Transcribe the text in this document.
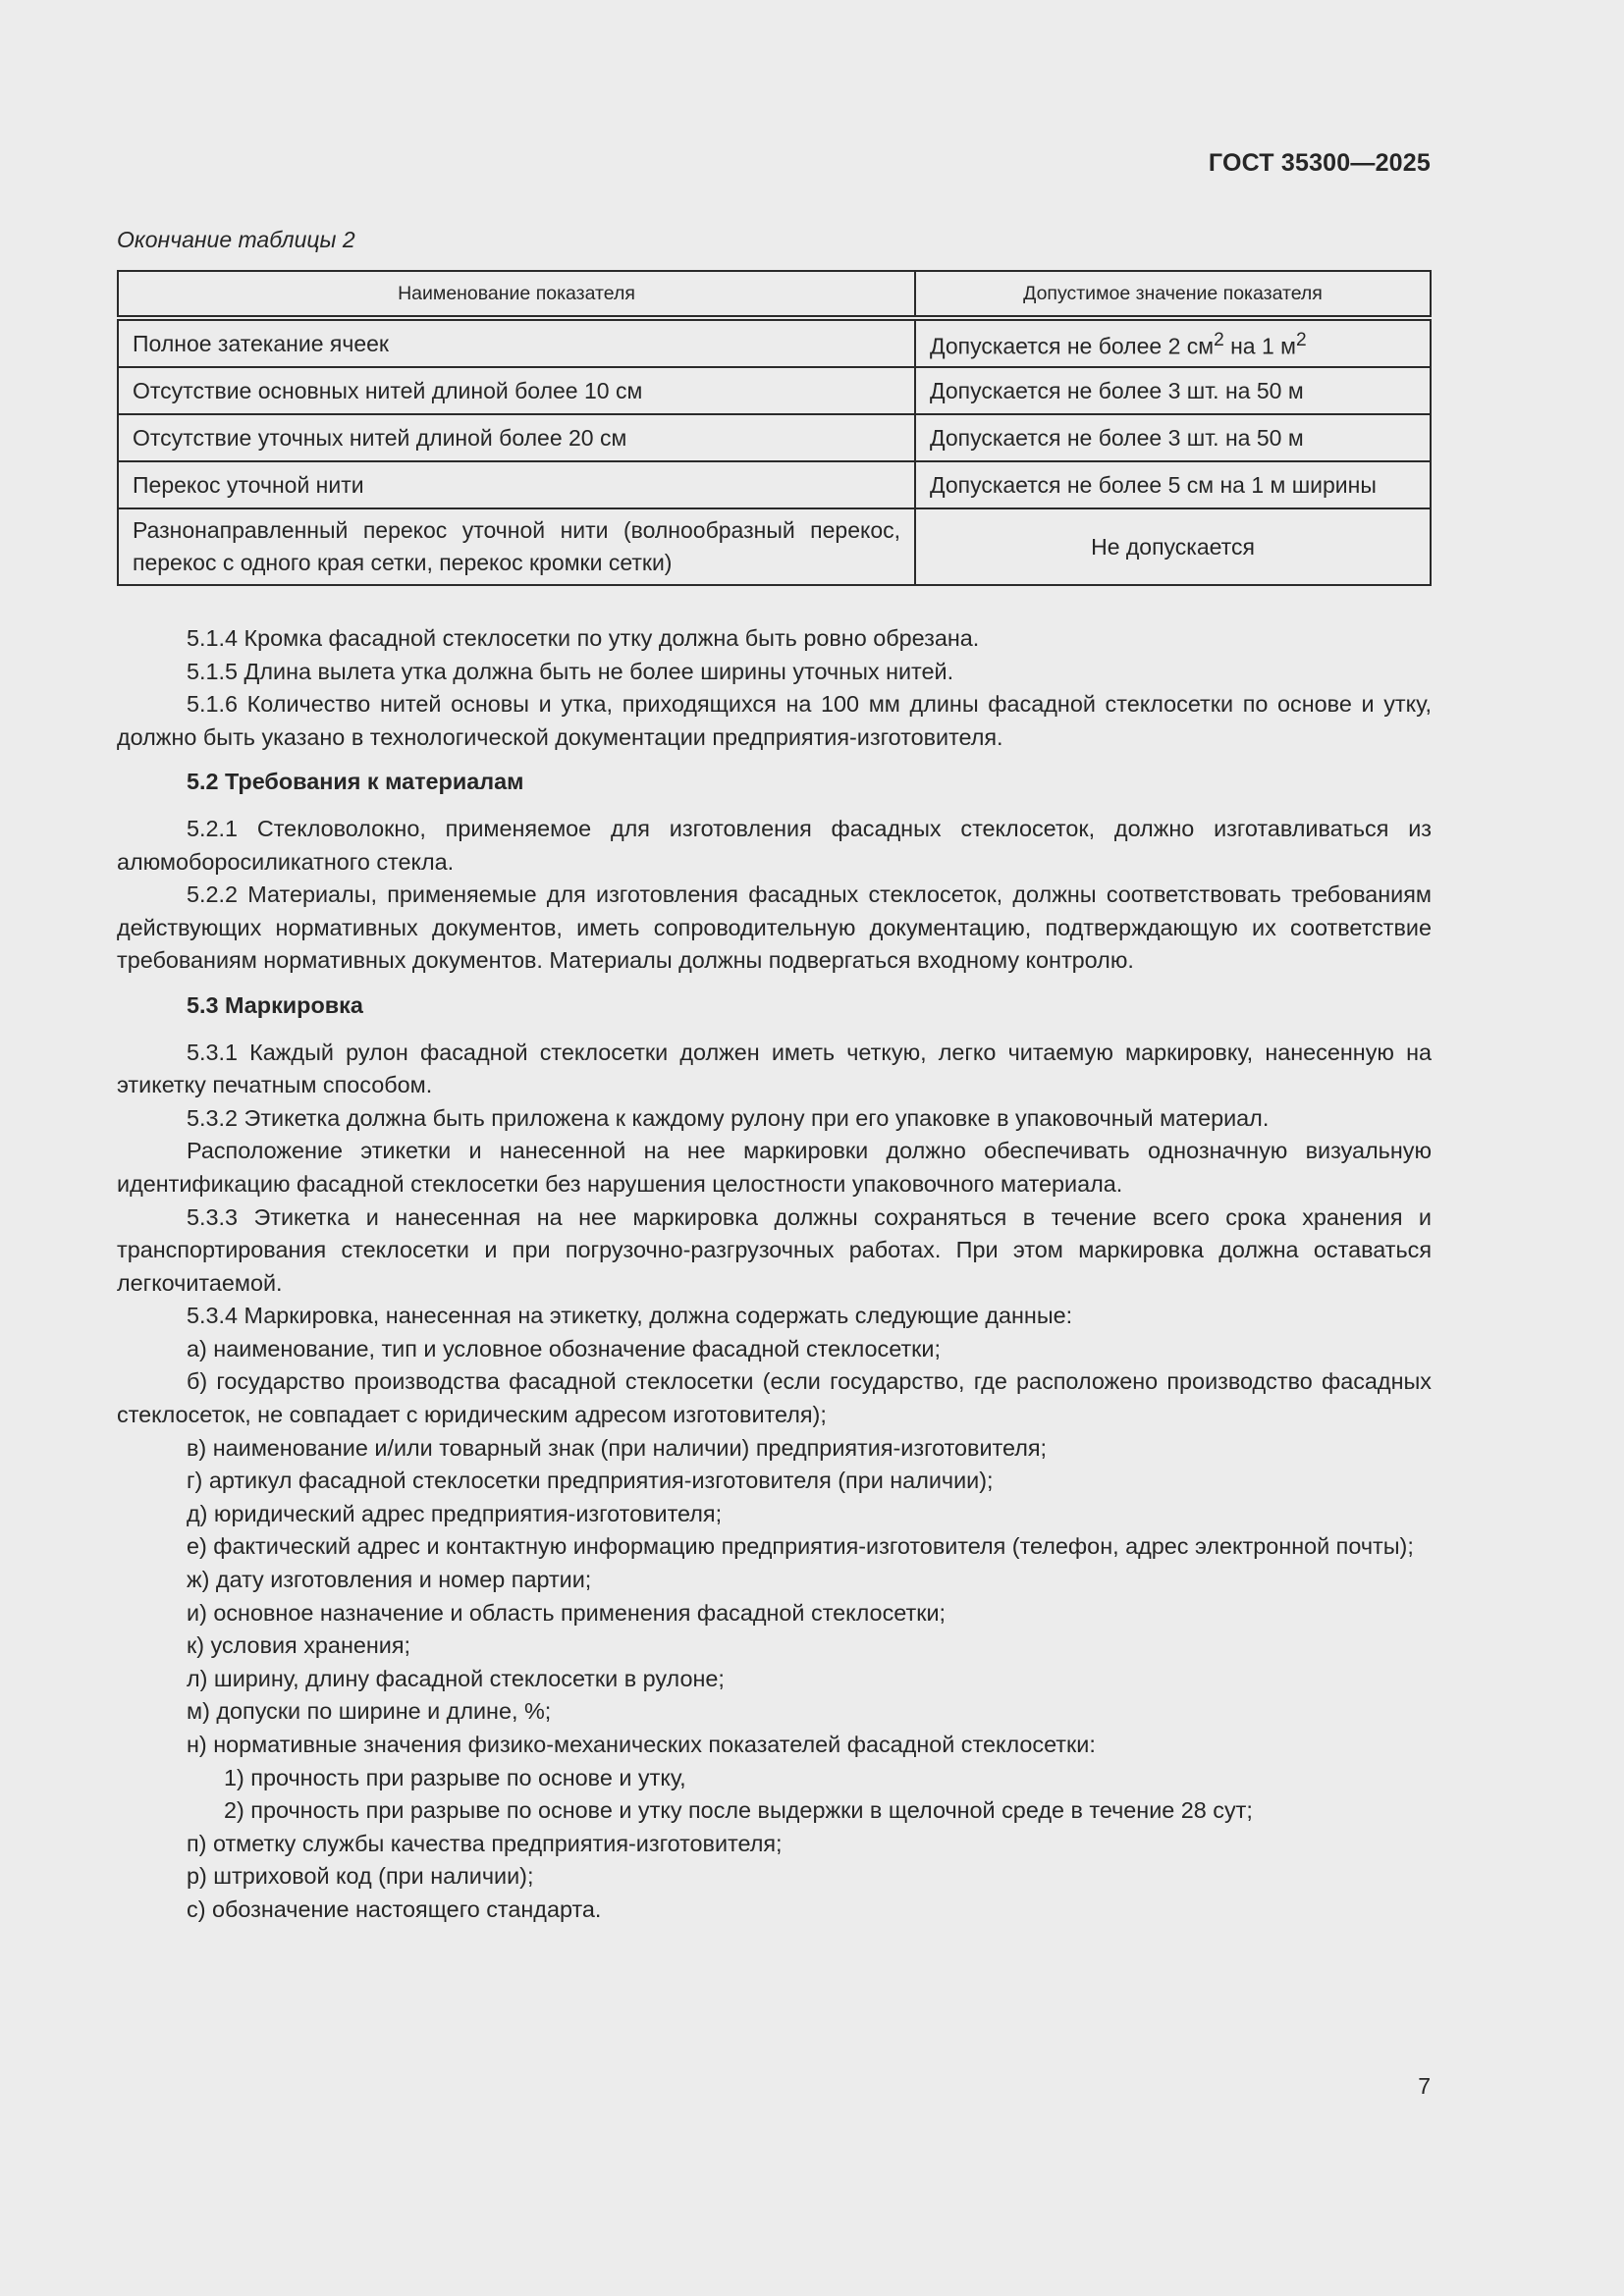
ГОСТ 35300—2025
Окончание таблицы 2
Наименование показателя	Допустимое значение показателя
Полное затекание ячеек	Допускается не более 2 $см^2$ на 1 $м^2$
Отсутствие основных нитей длиной более 10 см	Допускается не более 3 шт. на 50 м
Отсутствие уточных нитей длиной более 20 см	Допускается не более 3 шт. на 50 м
Перекос уточной нити	Допускается не более 5 см на 1 м ширины
Разнонаправленный перекос уточной нити (волнообразный перекос, перекос с одного края сетки, перекос кромки сетки)	Не допускается

5.1.4 Кромка фасадной стеклосетки по утку должна быть ровно обрезана.

5.1.5 Длина вылета утка должна быть не более ширины уточных нитей.

5.1.6 Количество нитей основы и утка, приходящихся на 100 мм длины фасадной стеклосетки по основе и утку, должно быть указано в технологической документации предприятия-изготовителя.

5.2 Требования к материалам

5.2.1 Стекловолокно, применяемое для изготовления фасадных стеклосеток, должно изготавливаться из алюмоборосиликатного стекла.

5.2.2 Материалы, применяемые для изготовления фасадных стеклосеток, должны соответствовать требованиям действующих нормативных документов, иметь сопроводительную документацию, подтверждающую их соответствие требованиям нормативных документов. Материалы должны подвергаться входному контролю.

5.3 Маркировка

5.3.1 Каждый рулон фасадной стеклосетки должен иметь четкую, легко читаемую маркировку, нанесенную на этикетку печатным способом.

5.3.2 Этикетка должна быть приложена к каждому рулону при его упаковке в упаковочный материал.

Расположение этикетки и нанесенной на нее маркировки должно обеспечивать однозначную визуальную идентификацию фасадной стеклосетки без нарушения целостности упаковочного материала.

5.3.3 Этикетка и нанесенная на нее маркировка должны сохраняться в течение всего срока хранения и транспортирования стеклосетки и при погрузочно-разгрузочных работах. При этом маркировка должна оставаться легкочитаемой.

5.3.4 Маркировка, нанесенная на этикетку, должна содержать следующие данные:

а) наименование, тип и условное обозначение фасадной стеклосетки;

б) государство производства фасадной стеклосетки (если государство, где расположено производство фасадных стеклосеток, не совпадает с юридическим адресом изготовителя);

в) наименование и/или товарный знак (при наличии) предприятия-изготовителя;

г) артикул фасадной стеклосетки предприятия-изготовителя (при наличии);

д) юридический адрес предприятия-изготовителя;

е) фактический адрес и контактную информацию предприятия-изготовителя (телефон, адрес электронной почты);

ж) дату изготовления и номер партии;

и) основное назначение и область применения фасадной стеклосетки;

к) условия хранения;

л) ширину, длину фасадной стеклосетки в рулоне;

м) допуски по ширине и длине, %;

н) нормативные значения физико-механических показателей фасадной стеклосетки:

1) прочность при разрыве по основе и утку,

2) прочность при разрыве по основе и утку после выдержки в щелочной среде в течение 28 сут;

п) отметку службы качества предприятия-изготовителя;

р) штриховой код (при наличии);

с) обозначение настоящего стандарта.

7
